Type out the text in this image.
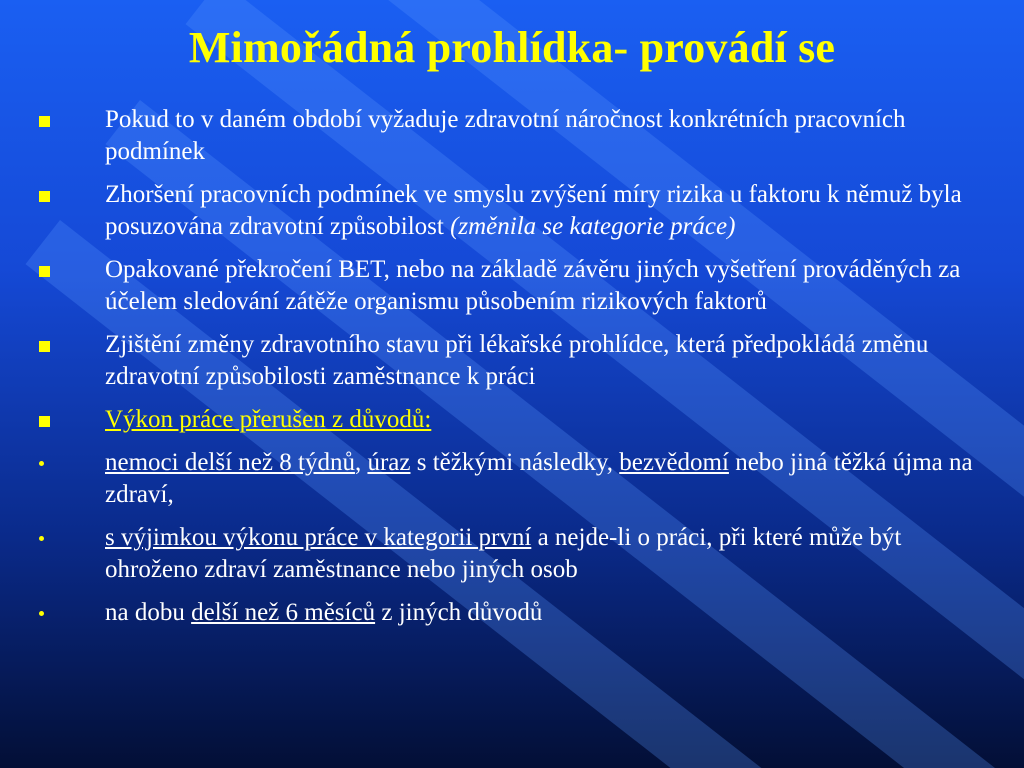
Mimořádná prohlídka- provádí se
Pokud to v daném období vyžaduje zdravotní náročnost konkrétních pracovních podmínek
Zhoršení pracovních podmínek ve smyslu zvýšení míry rizika u faktoru k němuž byla posuzována zdravotní způsobilost (změnila se kategorie práce)
Opakované překročení BET, nebo na základě závěru jiných vyšetření prováděných za účelem sledování zátěže organismu působením rizikových faktorů
Zjištění změny zdravotního stavu při lékařské prohlídce, která předpokládá změnu zdravotní způsobilosti zaměstnance k práci
Výkon práce přerušen z důvodů:
nemoci delší než 8 týdnů, úraz s těžkými následky, bezvědomí nebo jiná těžká újma na zdraví,
s výjimkou výkonu práce v kategorii první a nejde-li o práci, při které může být ohroženo zdraví zaměstnance nebo jiných osob
na dobu delší než 6 měsíců z jiných důvodů
